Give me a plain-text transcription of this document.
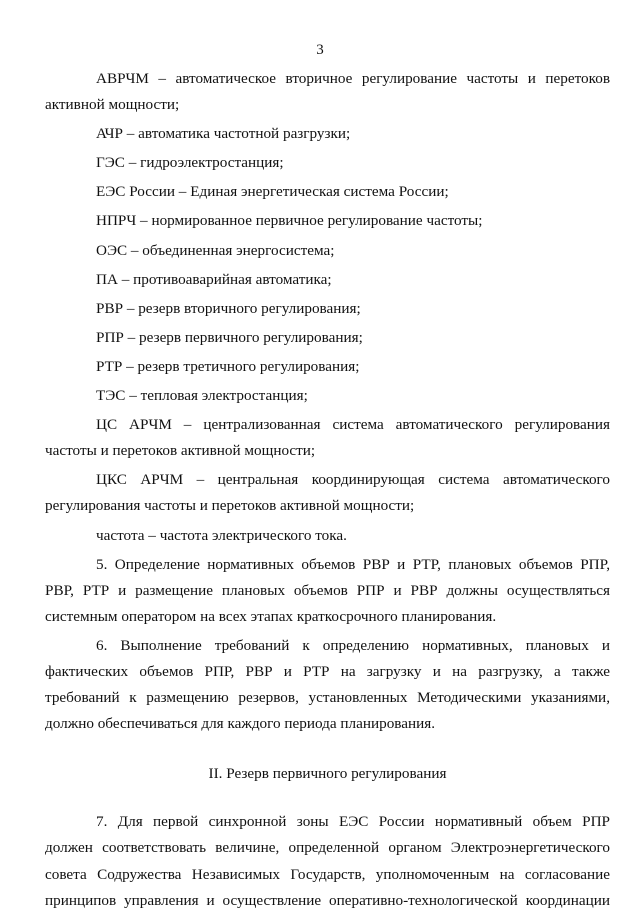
3
АВРЧМ – автоматическое вторичное регулирование частоты и перетоков
активной мощности;
АЧР – автоматика частотной разгрузки;
ГЭС – гидроэлектростанция;
ЕЭС России – Единая энергетическая система России;
НПРЧ – нормированное первичное регулирование частоты;
ОЭС – объединенная энергосистема;
ПА – противоаварийная автоматика;
РВР – резерв вторичного регулирования;
РПР – резерв первичного регулирования;
РТР – резерв третичного регулирования;
ТЭС – тепловая электростанция;
ЦС АРЧМ – централизованная система автоматического регулирования
частоты и перетоков активной мощности;
ЦКС АРЧМ – центральная координирующая система автоматического
регулирования частоты и перетоков активной мощности;
частота – частота электрического тока.
5. Определение нормативных объемов РВР и РТР, плановых объемов РПР,
РВР, РТР и размещение плановых объемов РПР и РВР должны осуществляться
системным оператором на всех этапах краткосрочного планирования.
6. Выполнение требований к определению нормативных, плановых и
фактических объемов РПР, РВР и РТР на загрузку и на разгрузку, а также
требований к размещению резервов, установленных Методическими указаниями,
должно обеспечиваться для каждого периода планирования.
II. Резерв первичного регулирования
7. Для первой синхронной зоны ЕЭС России нормативный объем РПР
должен соответствовать величине, определенной органом Электроэнергетического
совета Содружества Независимых Государств, уполномоченным на согласование
принципов управления и осуществление оперативно-технологической координации
